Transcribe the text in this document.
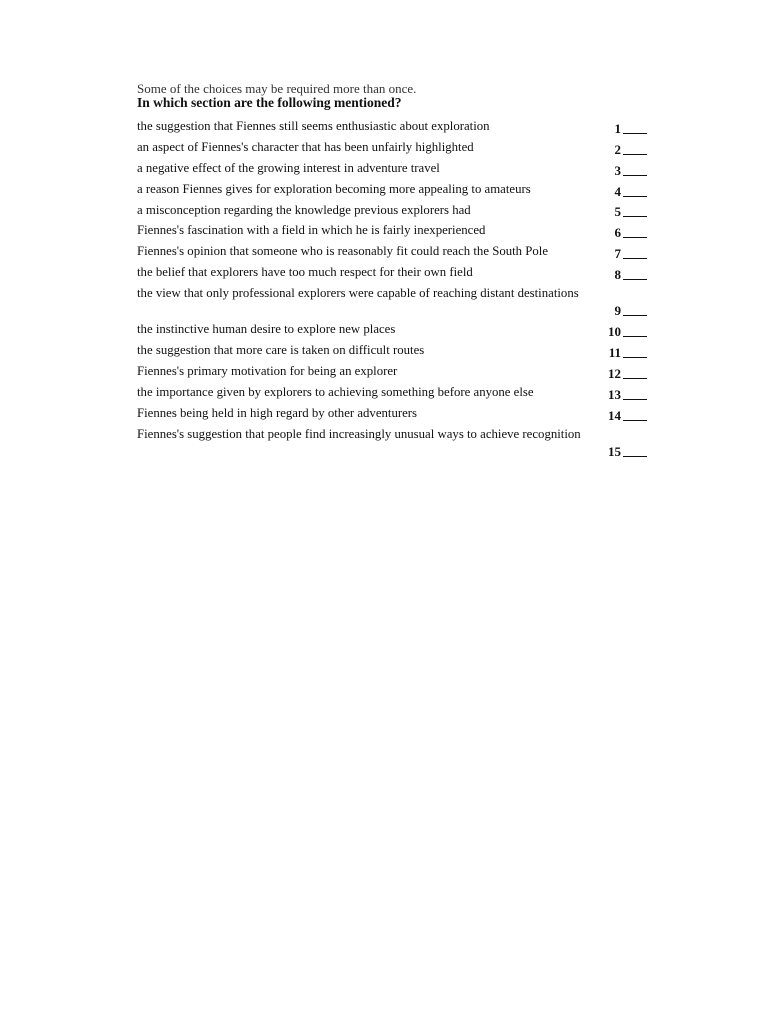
Some of the choices may be required more than once.
In which section are the following mentioned?
the suggestion that Fiennes still seems enthusiastic about exploration	1
an aspect of Fiennes's character that has been unfairly highlighted	2
a negative effect of the growing interest in adventure travel	3
a reason Fiennes gives for exploration becoming more appealing to amateurs	4
a misconception regarding the knowledge previous explorers had	5
Fiennes's fascination with a field in which he is fairly inexperienced	6
Fiennes's opinion that someone who is reasonably fit could reach the South Pole	7
the belief that explorers have too much respect for their own field	8
the view that only professional explorers were capable of reaching distant destinations
9
the instinctive human desire to explore new places	10
the suggestion that more care is taken on difficult routes	11
Fiennes's primary motivation for being an explorer	12
the importance given by explorers to achieving something before anyone else	13
Fiennes being held in high regard by other adventurers	14
Fiennes's suggestion that people find increasingly unusual ways to achieve recognition
15
